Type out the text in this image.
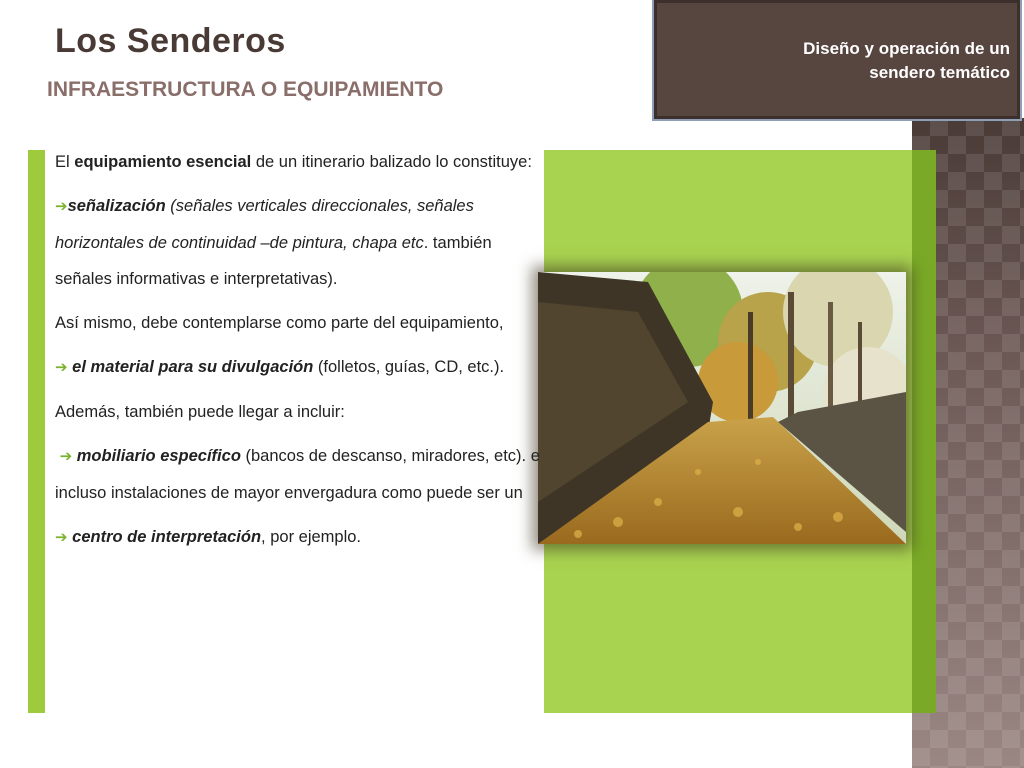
Diseño y operación de un
sendero temático
Los Senderos
INFRAESTRUCTURA O EQUIPAMIENTO

El equipamiento esencial de un itinerario balizado lo constituye:

➔señalización (señales verticales direccionales, señales horizontales de continuidad –de pintura, chapa etc. también señales informativas e interpretativas).

Así mismo, debe contemplarse como parte del equipamiento,

➔ el material para su divulgación (folletos, guías, CD, etc.).

Además, también puede llegar a incluir:

➔ mobiliario específico (bancos de descanso, miradores, etc). e incluso instalaciones de mayor envergadura como puede ser un

➔ centro de interpretación, por ejemplo.
